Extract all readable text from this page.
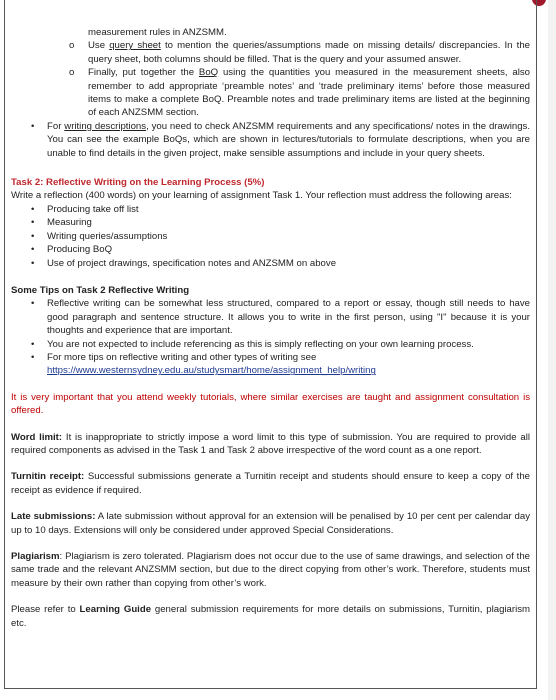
measurement rules in ANZSMM.

o Use query sheet to mention the queries/assumptions made on missing details/ discrepancies. In the query sheet, both columns should be filled. That is the query and your assumed answer.
o Finally, put together the BoQ using the quantities you measured in the measurement sheets, also remember to add appropriate ‘preamble notes’ and ‘trade preliminary items’ before those measured items to make a complete BoQ. Preamble notes and trade preliminary items are listed at the beginning of each ANZSMM section.
• For writing descriptions, you need to check ANZSMM requirements and any specifications/ notes in the drawings. You can see the example BoQs, which are shown in lectures/tutorials to formulate descriptions, when you are unable to find details in the given project, make sensible assumptions and include in your query sheets.

Task 2: Reflective Writing on the Learning Process (5%)

Write a reflection (400 words) on your learning of assignment Task 1. Your reflection must address the following areas:

• Producing take off list
• Measuring
• Writing queries/assumptions
• Producing BoQ
• Use of project drawings, specification notes and ANZSMM on above

Some Tips on Task 2 Reflective Writing

• Reflective writing can be somewhat less structured, compared to a report or essay, though still needs to have good paragraph and sentence structure. It allows you to write in the first person, using "I" because it is your thoughts and experience that are important.
• You are not expected to include referencing as this is simply reflecting on your own learning process.
• For more tips on reflective writing and other types of writing see
https://www.westernsydney.edu.au/studysmart/home/assignment_help/writing

It is very important that you attend weekly tutorials, where similar exercises are taught and assignment consultation is offered.

Word limit: It is inappropriate to strictly impose a word limit to this type of submission. You are required to provide all required components as advised in the Task 1 and Task 2 above irrespective of the word count as a one report.

Turnitin receipt: Successful submissions generate a Turnitin receipt and students should ensure to keep a copy of the receipt as evidence if required.

Late submissions: A late submission without approval for an extension will be penalised by 10 per cent per calendar day up to 10 days. Extensions will only be considered under approved Special Considerations.

Plagiarism: Plagiarism is zero tolerated. Plagiarism does not occur due to the use of same drawings, and selection of the same trade and the relevant ANZSMM section, but due to the direct copying from other’s work. Therefore, students must measure by their own rather than copying from other’s work.

Please refer to Learning Guide general submission requirements for more details on submissions, Turnitin, plagiarism etc.
